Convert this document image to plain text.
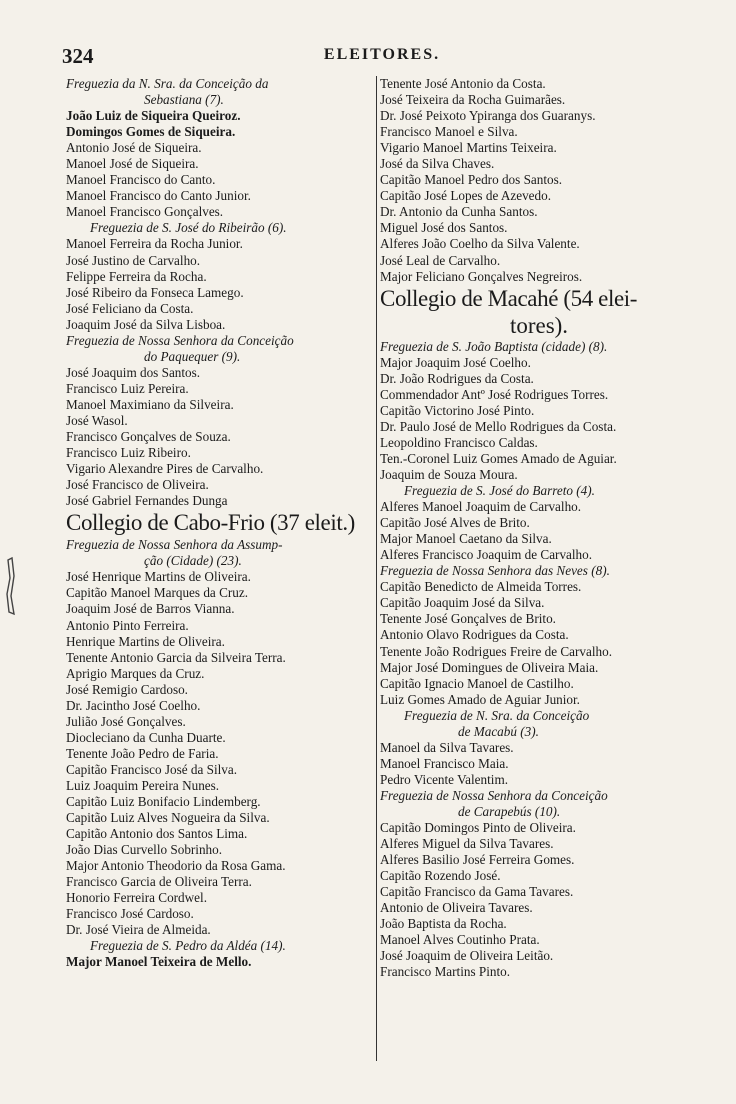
324	ELEITORES.
Freguezia da N. Sra. da Conceição da
Sebastiana (7).
João Luiz de Siqueira Queiroz.
Domingos Gomes de Siqueira.
Antonio José de Siqueira.
Manoel José de Siqueira.
Manoel Francisco do Canto.
Manoel Francisco do Canto Junior.
Manoel Francisco Gonçalves.
Freguezia de S. José do Ribeirão (6).
Manoel Ferreira da Rocha Junior.
José Justino de Carvalho.
Felippe Ferreira da Rocha.
José Ribeiro da Fonseca Lamego.
José Feliciano da Costa.
Joaquim José da Silva Lisboa.
Freguezia de Nossa Senhora da Conceição
do Paquequer (9).
José Joaquim dos Santos.
Francisco Luiz Pereira.
Manoel Maximiano da Silveira.
José Wasol.
Francisco Gonçalves de Souza.
Francisco Luiz Ribeiro.
Vigario Alexandre Pires de Carvalho.
José Francisco de Oliveira.
José Gabriel Fernandes Dunga
Collegio de Cabo-Frio (37 eleit.)
Freguezia de Nossa Senhora da Assump-
ção (Cidade) (23).
José Henrique Martins de Oliveira.
Capitão Manoel Marques da Cruz.
Joaquim José de Barros Vianna.
Antonio Pinto Ferreira.
Henrique Martins de Oliveira.
Tenente Antonio Garcia da Silveira Terra.
Aprigio Marques da Cruz.
José Remigio Cardoso.
Dr. Jacintho José Coelho.
Julião José Gonçalves.
Diocleciano da Cunha Duarte.
Tenente João Pedro de Faria.
Capitão Francisco José da Silva.
Luiz Joaquim Pereira Nunes.
Capitão Luiz Bonifacio Lindemberg.
Capitão Luiz Alves Nogueira da Silva.
Capitão Antonio dos Santos Lima.
João Dias Curvello Sobrinho.
Major Antonio Theodorio da Rosa Gama.
Francisco Garcia de Oliveira Terra.
Honorio Ferreira Cordwel.
Francisco José Cardoso.
Dr. José Vieira de Almeida.
Freguezia de S. Pedro da Aldéa (14).
Major Manoel Teixeira de Mello.
Tenente José Antonio da Costa.
José Teixeira da Rocha Guimarães.
Dr. José Peixoto Ypiranga dos Guaranys.
Francisco Manoel e Silva.
Vigario Manoel Martins Teixeira.
José da Silva Chaves.
Capitão Manoel Pedro dos Santos.
Capitão José Lopes de Azevedo.
Dr. Antonio da Cunha Santos.
Miguel José dos Santos.
Alferes João Coelho da Silva Valente.
José Leal de Carvalho.
Major Feliciano Gonçalves Negreiros.
Collegio de Macahé (54 elei-
tores).
Freguezia de S. João Baptista (cidade) (8).
Major Joaquim José Coelho.
Dr. João Rodrigues da Costa.
Commendador Antº José Rodrigues Torres.
Capitão Victorino José Pinto.
Dr. Paulo José de Mello Rodrigues da Costa.
Leopoldino Francisco Caldas.
Ten.-Coronel Luiz Gomes Amado de Aguiar.
Joaquim de Souza Moura.
Freguezia de S. José do Barreto (4).
Alferes Manoel Joaquim de Carvalho.
Capitão José Alves de Brito.
Major Manoel Caetano da Silva.
Alferes Francisco Joaquim de Carvalho.
Freguezia de Nossa Senhora das Neves (8).
Capitão Benedicto de Almeida Torres.
Capitão Joaquim José da Silva.
Tenente José Gonçalves de Brito.
Antonio Olavo Rodrigues da Costa.
Tenente João Rodrigues Freire de Carvalho.
Major José Domingues de Oliveira Maia.
Capitão Ignacio Manoel de Castilho.
Luiz Gomes Amado de Aguiar Junior.
Freguezia de N. Sra. da Conceição
de Macabú (3).
Manoel da Silva Tavares.
Manoel Francisco Maia.
Pedro Vicente Valentim.
Freguezia de Nossa Senhora da Conceição
de Carapebús (10).
Capitão Domingos Pinto de Oliveira.
Alferes Miguel da Silva Tavares.
Alferes Basilio José Ferreira Gomes.
Capitão Rozendo José.
Capitão Francisco da Gama Tavares.
Antonio de Oliveira Tavares.
João Baptista da Rocha.
Manoel Alves Coutinho Prata.
José Joaquim de Oliveira Leitão.
Francisco Martins Pinto.
